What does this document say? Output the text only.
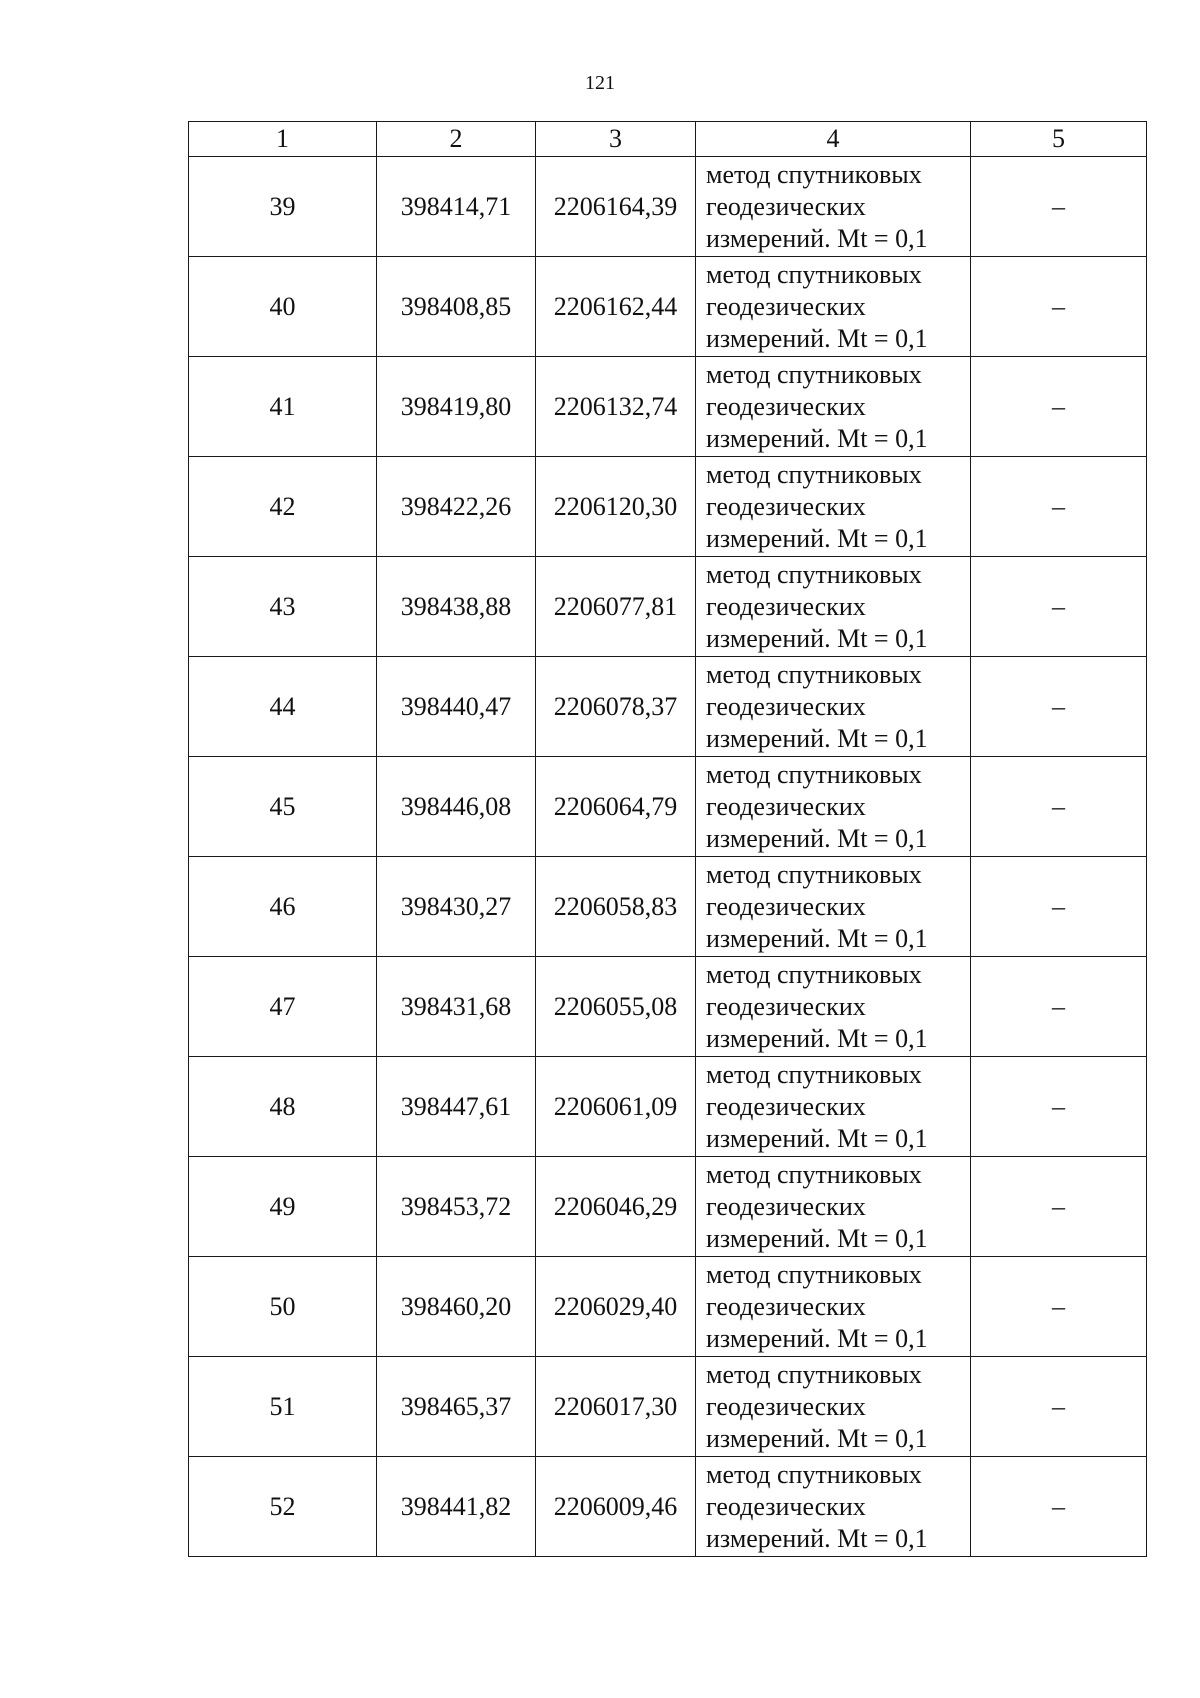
121
1	2	3	4	5
39	398414,71	2206164,39	метод спутниковых
геодезических
измерений. Mt = 0,1	–
40	398408,85	2206162,44	метод спутниковых
геодезических
измерений. Mt = 0,1	–
41	398419,80	2206132,74	метод спутниковых
геодезических
измерений. Mt = 0,1	–
42	398422,26	2206120,30	метод спутниковых
геодезических
измерений. Mt = 0,1	–
43	398438,88	2206077,81	метод спутниковых
геодезических
измерений. Mt = 0,1	–
44	398440,47	2206078,37	метод спутниковых
геодезических
измерений. Mt = 0,1	–
45	398446,08	2206064,79	метод спутниковых
геодезических
измерений. Mt = 0,1	–
46	398430,27	2206058,83	метод спутниковых
геодезических
измерений. Mt = 0,1	–
47	398431,68	2206055,08	метод спутниковых
геодезических
измерений. Mt = 0,1	–
48	398447,61	2206061,09	метод спутниковых
геодезических
измерений. Mt = 0,1	–
49	398453,72	2206046,29	метод спутниковых
геодезических
измерений. Mt = 0,1	–
50	398460,20	2206029,40	метод спутниковых
геодезических
измерений. Mt = 0,1	–
51	398465,37	2206017,30	метод спутниковых
геодезических
измерений. Mt = 0,1	–
52	398441,82	2206009,46	метод спутниковых
геодезических
измерений. Mt = 0,1	–
